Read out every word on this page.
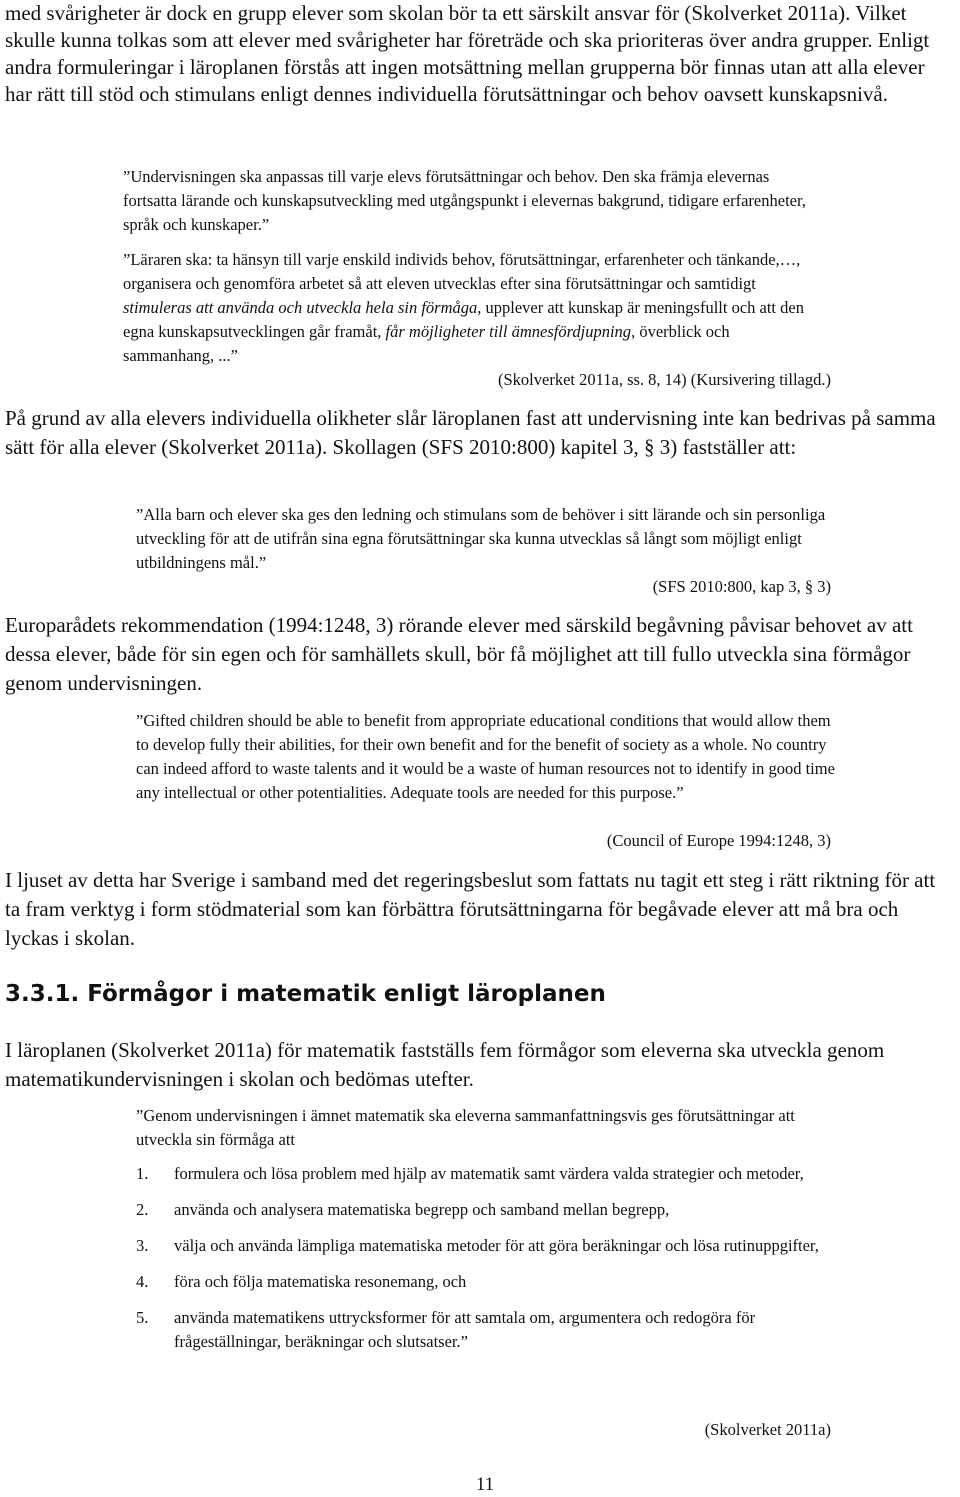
med svårigheter är dock en grupp elever som skolan bör ta ett särskilt ansvar för (Skolverket 2011a). Vilket skulle kunna tolkas som att elever med svårigheter har företräde och ska prioriteras över andra grupper. Enligt andra formuleringar i läroplanen förstås att ingen motsättning mellan grupperna bör finnas utan att alla elever har rätt till stöd och stimulans enligt dennes individuella förutsättningar och behov oavsett kunskapsnivå.

”Undervisningen ska anpassas till varje elevs förutsättningar och behov. Den ska främja elevernas fortsatta lärande och kunskapsutveckling med utgångspunkt i elevernas bakgrund, tidigare erfarenheter, språk och kunskaper.”

”Läraren ska: ta hänsyn till varje enskild individs behov, förutsättningar, erfarenheter och tänkande,…, organisera och genomföra arbetet så att eleven utvecklas efter sina förutsättningar och samtidigt stimuleras att använda och utveckla hela sin förmåga, upplever att kunskap är meningsfullt och att den egna kunskapsutvecklingen går framåt, får möjligheter till ämnesfördjupning, överblick och sammanhang, ...”

(Skolverket 2011a, ss. 8, 14) (Kursivering tillagd.)

På grund av alla elevers individuella olikheter slår läroplanen fast att undervisning inte kan bedrivas på samma sätt för alla elever (Skolverket 2011a). Skollagen (SFS 2010:800) kapitel 3, § 3) fastställer att:

”Alla barn och elever ska ges den ledning och stimulans som de behöver i sitt lärande och sin personliga utveckling för att de utifrån sina egna förutsättningar ska kunna utvecklas så långt som möjligt enligt utbildningens mål.”

(SFS 2010:800, kap 3, § 3)

Europarådets rekommendation (1994:1248, 3) rörande elever med särskild begåvning påvisar behovet av att dessa elever, både för sin egen och för samhällets skull, bör få möjlighet att till fullo utveckla sina förmågor genom undervisningen.

”Gifted children should be able to benefit from appropriate educational conditions that would allow them to develop fully their abilities, for their own benefit and for the benefit of society as a whole. No country can indeed afford to waste talents and it would be a waste of human resources not to identify in good time any intellectual or other potentialities. Adequate tools are needed for this purpose.”

(Council of Europe 1994:1248, 3)

I ljuset av detta har Sverige i samband med det regeringsbeslut som fattats nu tagit ett steg i rätt riktning för att ta fram verktyg i form stödmaterial som kan förbättra förutsättningarna för begåvade elever att må bra och lyckas i skolan.

3.3.1. Förmågor i matematik enligt läroplanen

I läroplanen (Skolverket 2011a) för matematik fastställs fem förmågor som eleverna ska utveckla genom matematikundervisningen i skolan och bedömas utefter.

”Genom undervisningen i ämnet matematik ska eleverna sammanfattningsvis ges förutsättningar att utveckla sin förmåga att

1. formulera och lösa problem med hjälp av matematik samt värdera valda strategier och metoder,
2. använda och analysera matematiska begrepp och samband mellan begrepp,
3. välja och använda lämpliga matematiska metoder för att göra beräkningar och lösa rutinuppgifter,
4. föra och följa matematiska resonemang, och
5. använda matematikens uttrycksformer för att samtala om, argumentera och redogöra för frågeställningar, beräkningar och slutsatser.”

(Skolverket 2011a)

11
